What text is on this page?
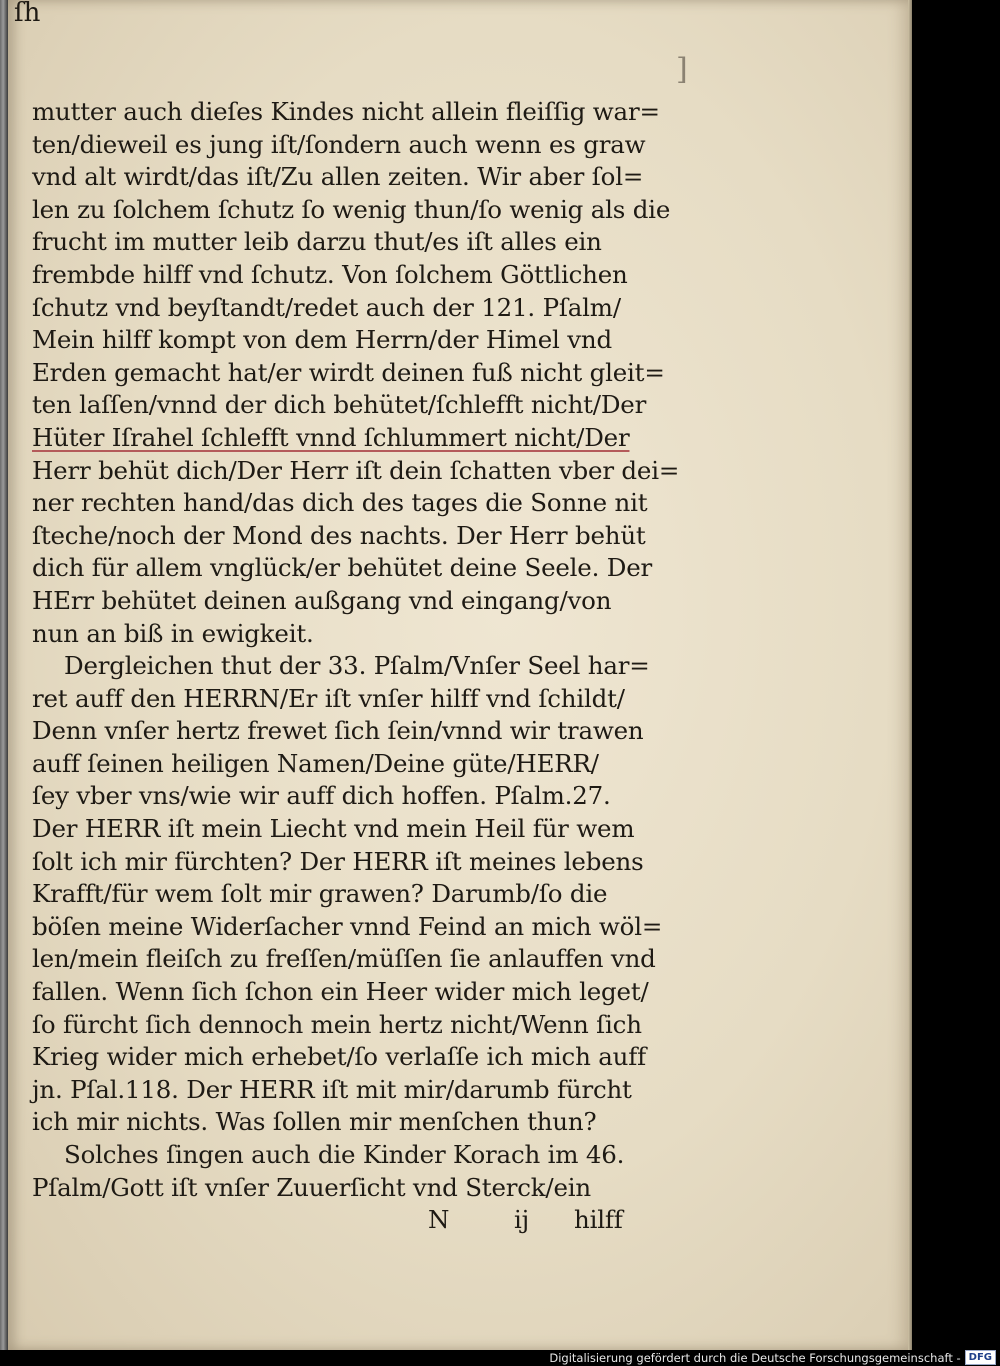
ſh
]
mutter auch dieſes Kindes nicht allein fleiſſig war=
ten/dieweil es jung iſt/ſondern auch wenn es graw
vnd alt wirdt/das iſt/Zu allen zeiten. Wir aber ſol=
len zu ſolchem ſchutz ſo wenig thun/ſo wenig als die
frucht im mutter leib darzu thut/es iſt alles ein
frembde hilff vnd ſchutz. Von ſolchem Göttlichen
ſchutz vnd beyſtandt/redet auch der 121. Pſalm/
Mein hilff kompt von dem Herrn/der Himel vnd
Erden gemacht hat/er wirdt deinen fuß nicht gleit=
ten laſſen/vnnd der dich behütet/ſchlefft nicht/Der
Hüter Iſrahel ſchlefft vnnd ſchlummert nicht/Der
Herr behüt dich/Der Herr iſt dein ſchatten vber dei=
ner rechten hand/das dich des tages die Sonne nit
ſteche/noch der Mond des nachts. Der Herr behüt
dich für allem vnglück/er behütet deine Seele. Der
HErr behütet deinen außgang vnd eingang/von
nun an biß in ewigkeit.
Dergleichen thut der 33. Pſalm/Vnſer Seel har=
ret auff den HERRN/Er iſt vnſer hilff vnd ſchildt/
Denn vnſer hertz frewet ſich ſein/vnnd wir trawen
auff ſeinen heiligen Namen/Deine güte/HERR/
ſey vber vns/wie wir auff dich hoffen. Pſalm.27.
Der HERR iſt mein Liecht vnd mein Heil für wem
ſolt ich mir fürchten? Der HERR iſt meines lebens
Krafft/für wem ſolt mir grawen? Darumb/ſo die
böſen meine Widerſacher vnnd Feind an mich wöl=
len/mein fleiſch zu freſſen/müſſen ſie anlauffen vnd
fallen. Wenn ſich ſchon ein Heer wider mich leget/
ſo fürcht ſich dennoch mein hertz nicht/Wenn ſich
Krieg wider mich erhebet/ſo verlaſſe ich mich auff
jn. Pſal.118. Der HERR iſt mit mir/darumb fürcht
ich mir nichts. Was ſollen mir menſchen thun?
Solches ſingen auch die Kinder Korach im 46.
Pſalm/Gott iſt vnſer Zuuerſicht vnd Sterck/ein
N	ij hilff
Digitalisierung gefördert durch die Deutsche Forschungsgemeinschaft - DFG
